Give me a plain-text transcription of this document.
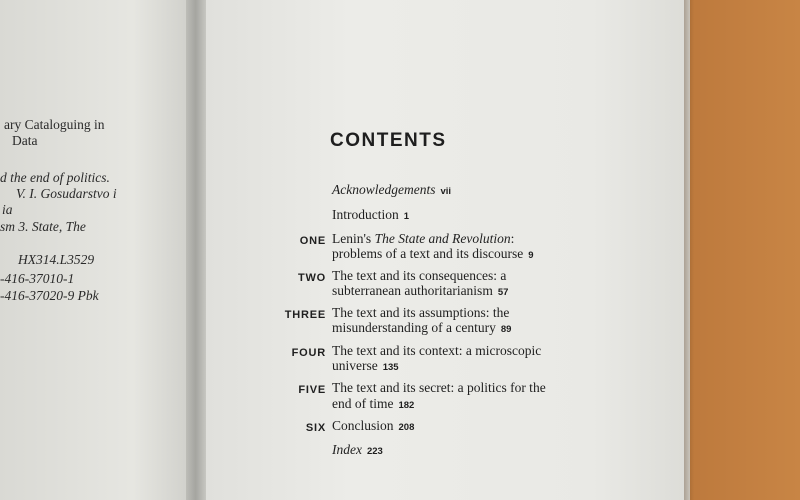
ary Cataloguing in
Data
d the end of politics.
V. I. Gosudarstvo i
ia
sm 3. State, The
HX314.L3529
-416-37010-1
-416-37020-9 Pbk
CONTENTS
Acknowledgements vii
Introduction 1
ONE Lenin's The State and Revolution:
problems of a text and its discourse 9
TWO The text and its consequences: a
subterranean authoritarianism 57
THREE The text and its assumptions: the
misunderstanding of a century 89
FOUR The text and its context: a microscopic
universe 135
FIVE The text and its secret: a politics for the
end of time 182
SIX Conclusion 208
Index 223
